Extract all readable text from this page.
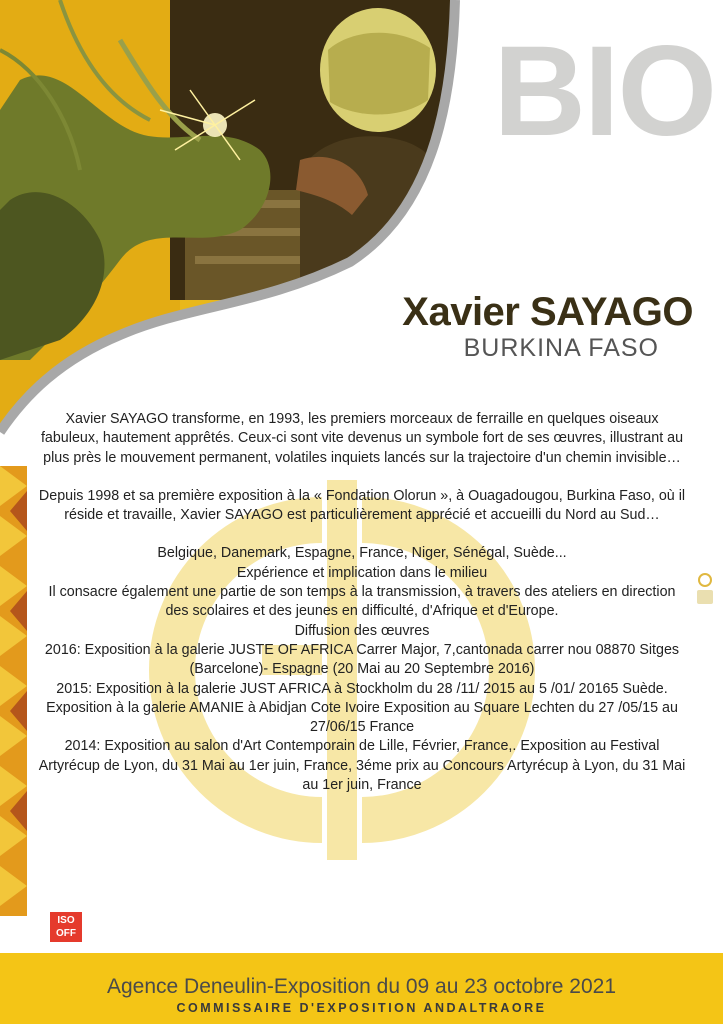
BIO
Xavier SAYAGO
BURKINA FASO
ISO
OFF

Xavier SAYAGO transforme, en 1993, les premiers morceaux de ferraille en quelques oiseaux fabuleux, hautement apprêtés. Ceux-ci sont vite devenus un symbole fort de ses œuvres, illustrant au plus près le mouvement permanent, volatiles inquiets lancés sur la trajectoire d'un chemin invisible…

Depuis 1998 et sa première exposition à la « Fondation Olorun », à Ouagadougou, Burkina Faso, où il réside et travaille, Xavier SAYAGO est particulièrement apprécié et accueilli du Nord au Sud…

Belgique, Danemark, Espagne, France, Niger, Sénégal, Suède...

Expérience et implication dans le milieu

Il consacre également une partie de son temps à la transmission, à travers des ateliers en direction des scolaires et des jeunes en difficulté, d'Afrique et d'Europe.

Diffusion des œuvres

2016: Exposition à la galerie JUSTE OF AFRICA Carrer Major, 7,cantonada carrer nou 08870 Sitges (Barcelone)- Espagne (20 Mai au 20 Septembre 2016)

2015: Exposition à la galerie JUST AFRICA à Stockholm du 28 /11/ 2015 au 5 /01/ 20165 Suède. Exposition à la galerie AMANIE à Abidjan Cote Ivoire Exposition au Square Lechten du 27 /05/15 au 27/06/15 France

2014: Exposition au salon d'Art Contemporain de Lille, Février, France,. Exposition au Festival Artyrécup de Lyon, du 31 Mai au 1er juin, France, 3éme prix au Concours Artyrécup à Lyon, du 31 Mai au 1er juin, France

Agence Deneulin-Exposition du 09 au 23 octobre 2021
COMMISSAIRE D'EXPOSITION ANDALTRAORE
